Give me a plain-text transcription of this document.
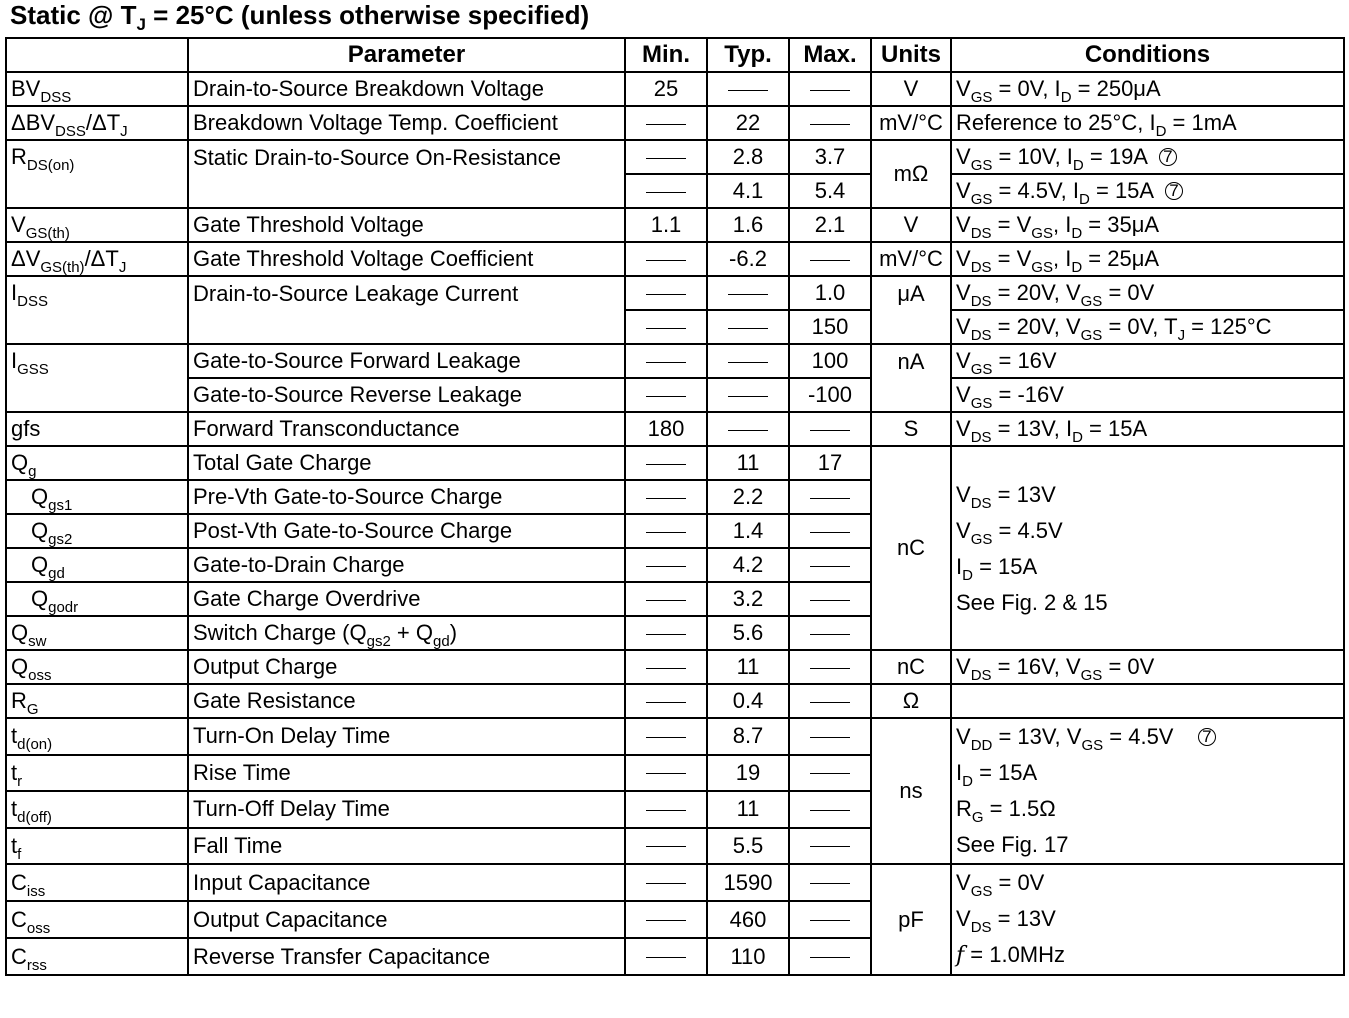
Static @ $T_J = 25^\circ C$ (unless otherwise specified)
	Parameter	Min.	Typ.	Max.	Units	Conditions
$BV_{DSS}$	Drain-to-Source Breakdown Voltage	25			V	$V_{GS} = 0V$, $I_D = 250\mu A$
$\Delta BV_{DSS}/\Delta T_J$	Breakdown Voltage Temp. Coefficient		22		mV/°C	Reference to 25°C, $I_D = 1mA$
$R_{DS(on)}$	Static Drain-to-Source On-Resistance		2.8	3.7	mΩ	$V_{GS} = 10V$, $I_D = 19A$ 7
			4.1	5.4		$V_{GS} = 4.5V$, $I_D = 15A$ 7
$V_{GS(th)}$	Gate Threshold Voltage	1.1	1.6	2.1	V	$V_{DS} = V_{GS}$, $I_D = 35\mu A$
$\Delta V_{GS(th)}/\Delta T_J$	Gate Threshold Voltage Coefficient		-6.2		mV/°C	$V_{DS} = V_{GS}$, $I_D = 25\mu A$
$I_{DSS}$	Drain-to-Source Leakage Current			1.0	μA	$V_{DS} = 20V$, $V_{GS} = 0V$
				150		$V_{DS} = 20V$, $V_{GS} = 0V$, $T_J = 125^\circ C$
$I_{GSS}$	Gate-to-Source Forward Leakage			100	nA	$V_{GS} = 16V$
	Gate-to-Source Reverse Leakage			-100		$V_{GS} = -16V$
gfs	Forward Transconductance	180			S	$V_{DS} = 13V$, $I_D = 15A$
$Q_g$	Total Gate Charge		11	17	nC	$V_{DS} = 13V$
$V_{GS} = 4.5V$
$I_D = 15A$
See Fig. 2 & 15

$Q_{gs1}$	Pre-Vth Gate-to-Source Charge		2.2			
$Q_{gs2}$	Post-Vth Gate-to-Source Charge		1.4			
$Q_{gd}$	Gate-to-Drain Charge		4.2			
$Q_{godr}$	Gate Charge Overdrive		3.2			
$Q_{sw}$	Switch Charge $(Q_{gs2} + Q_{gd})$		5.6			
$Q_{oss}$	Output Charge		11		nC	$V_{DS} = 16V$, $V_{GS} = 0V$
$R_G$	Gate Resistance		0.4		Ω	
$t_{d(on)}$	Turn-On Delay Time		8.7		ns	$V_{DD} = 13V$, $V_{GS} = 4.5V$   7
$I_D = 15A$
$R_G = 1.5\Omega$
See Fig. 17

$t_r$	Rise Time		19			
$t_{d(off)}$	Turn-Off Delay Time		11			
$t_f$	Fall Time		5.5			
$C_{iss}$	Input Capacitance		1590		pF	$V_{GS} = 0V$
$V_{DS} = 13V$
f = 1.0MHz

$C_{oss}$	Output Capacitance		460			
$C_{rss}$	Reverse Transfer Capacitance		110			
